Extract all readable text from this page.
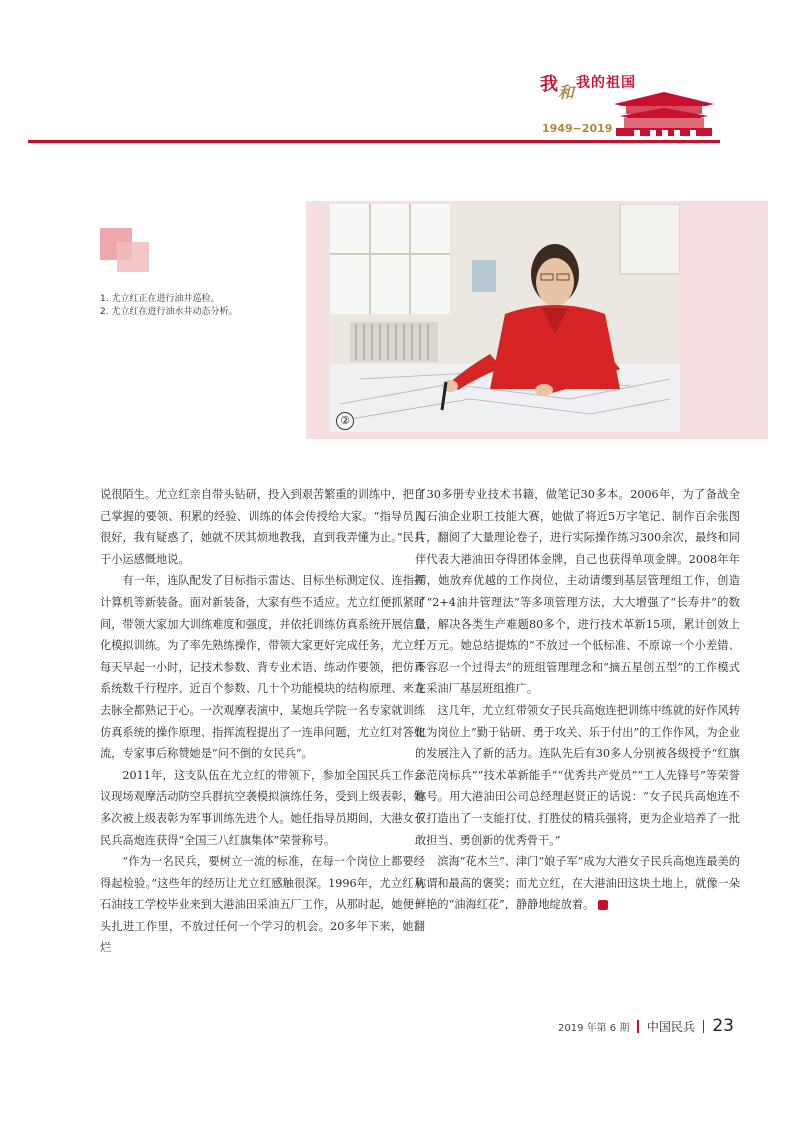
我 和 我的祖国
1949−2019
1. 尤立红正在进行油井巡检。
2. 尤立红在进行油水井动态分析。
②

说很陌生。尤立红亲自带头钻研，投入到艰苦繁重的训练中，把自己掌握的要领、积累的经验、训练的体会传授给大家。“指导员人很好，我有疑惑了，她就不厌其烦地教我，直到我弄懂为止。”民兵于小运感慨地说。

有一年，连队配发了目标指示雷达、目标坐标测定仪、连指挥计算机等新装备。面对新装备，大家有些不适应。尤立红便抓紧时间，带领大家加大训练难度和强度，并依托训练仿真系统开展信息化模拟训练。为了率先熟练操作，带领大家更好完成任务，尤立红每天早起一小时，记技术参数、背专业术语、练动作要领，把仿真系统数千行程序、近百个参数、几十个功能模块的结构原理、来龙去脉全都熟记于心。一次观摩表演中，某炮兵学院一名专家就训练仿真系统的操作原理、指挥流程提出了一连串问题，尤立红对答如流，专家事后称赞她是“问不倒的女民兵”。

2011年，这支队伍在尤立红的带领下，参加全国民兵工作会议现场观摩活动防空兵群抗空袭模拟演练任务，受到上级表彰，她多次被上级表彰为军事训练先进个人。她任指导员期间，大港女子民兵高炮连获得“全国三八红旗集体”荣誉称号。

“作为一名民兵，要树立一流的标准，在每一个岗位上都要经得起检验。”这些年的经历让尤立红感触很深。1996年，尤立红从石油技工学校毕业来到大港油田采油五厂工作，从那时起，她便一头扎进工作里，不放过任何一个学习的机会。20多年下来，她翻烂

了30多册专业技术书籍，做笔记30多本。2006年，为了备战全国石油企业职工技能大赛，她做了将近5万字笔记、制作百余张图片，翻阅了大量理论卷子，进行实际操作练习300余次，最终和同伴代表大港油田夺得团体金牌，自己也获得单项金牌。2008年年初，她放弃优越的工作岗位，主动请缨到基层管理组工作，创造了“2+4油井管理法”等多项管理方法，大大增强了“长寿井”的数量，解决各类生产难题80多个，进行技术革新15项，累计创效上千万元。她总结提炼的“不放过一个低标准、不原谅一个小差错、不容忍一个过得去”的班组管理理念和“摘五星创五型”的工作模式在采油厂基层班组推广。

这几年，尤立红带领女子民兵高炮连把训练中练就的好作风转化为岗位上“勤于钻研、勇于攻关、乐于付出”的工作作风，为企业的发展注入了新的活力。连队先后有30多人分别被各级授予“红旗示范岗标兵”“技术革新能手”“优秀共产党员”“工人先锋号”等荣誉称号。用大港油田公司总经理赵贤正的话说：“女子民兵高炮连不仅打造出了一支能打仗、打胜仗的精兵强将，更为企业培养了一批敢担当、勇创新的优秀骨干。”

滨海“花木兰”、津门“娘子军”成为大港女子民兵高炮连最美的称谓和最高的褒奖；而尤立红，在大港油田这块土地上，就像一朵鲜艳的“油海红花”，静静地绽放着。	B

2019 年第 6 期 中国民兵 23
